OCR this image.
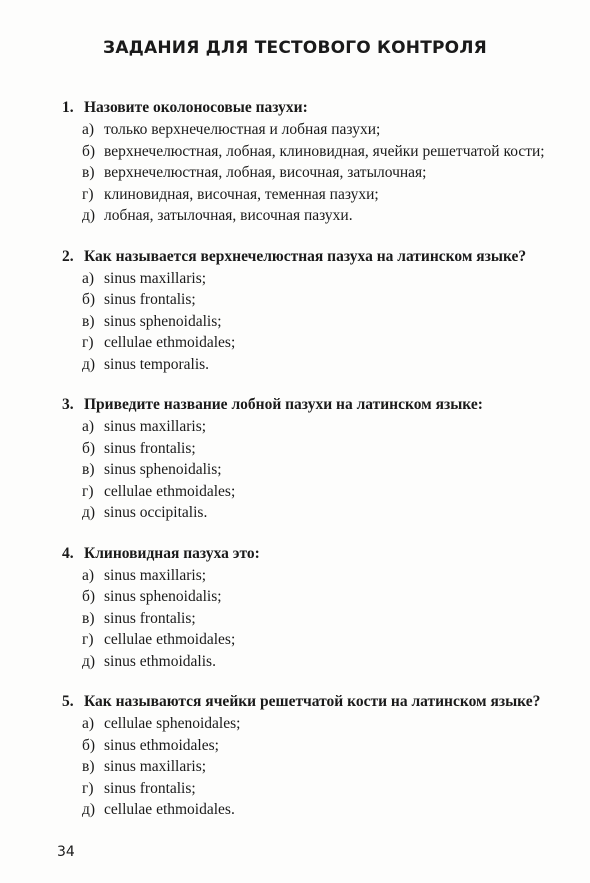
ЗАДАНИЯ ДЛЯ ТЕСТОВОГО КОНТРОЛЯ
1. Назовите околоносовые пазухи:
а) только верхнечелюстная и лобная пазухи;
б) верхнечелюстная, лобная, клиновидная, ячейки решетчатой кости;
в) верхнечелюстная, лобная, височная, затылочная;
г) клиновидная, височная, теменная пазухи;
д) лобная, затылочная, височная пазухи.
2. Как называется верхнечелюстная пазуха на латинском языке?
а) sinus maxillaris;
б) sinus frontalis;
в) sinus sphenoidalis;
г) cellulae ethmoidales;
д) sinus temporalis.
3. Приведите название лобной пазухи на латинском языке:
а) sinus maxillaris;
б) sinus frontalis;
в) sinus sphenoidalis;
г) cellulae ethmoidales;
д) sinus occipitalis.
4. Клиновидная пазуха это:
а) sinus maxillaris;
б) sinus sphenoidalis;
в) sinus frontalis;
г) cellulae ethmoidales;
д) sinus ethmoidalis.
5. Как называются ячейки решетчатой кости на латинском языке?
а) cellulae sphenoidales;
б) sinus ethmoidales;
в) sinus maxillaris;
г) sinus frontalis;
д) cellulae ethmoidales.
34
